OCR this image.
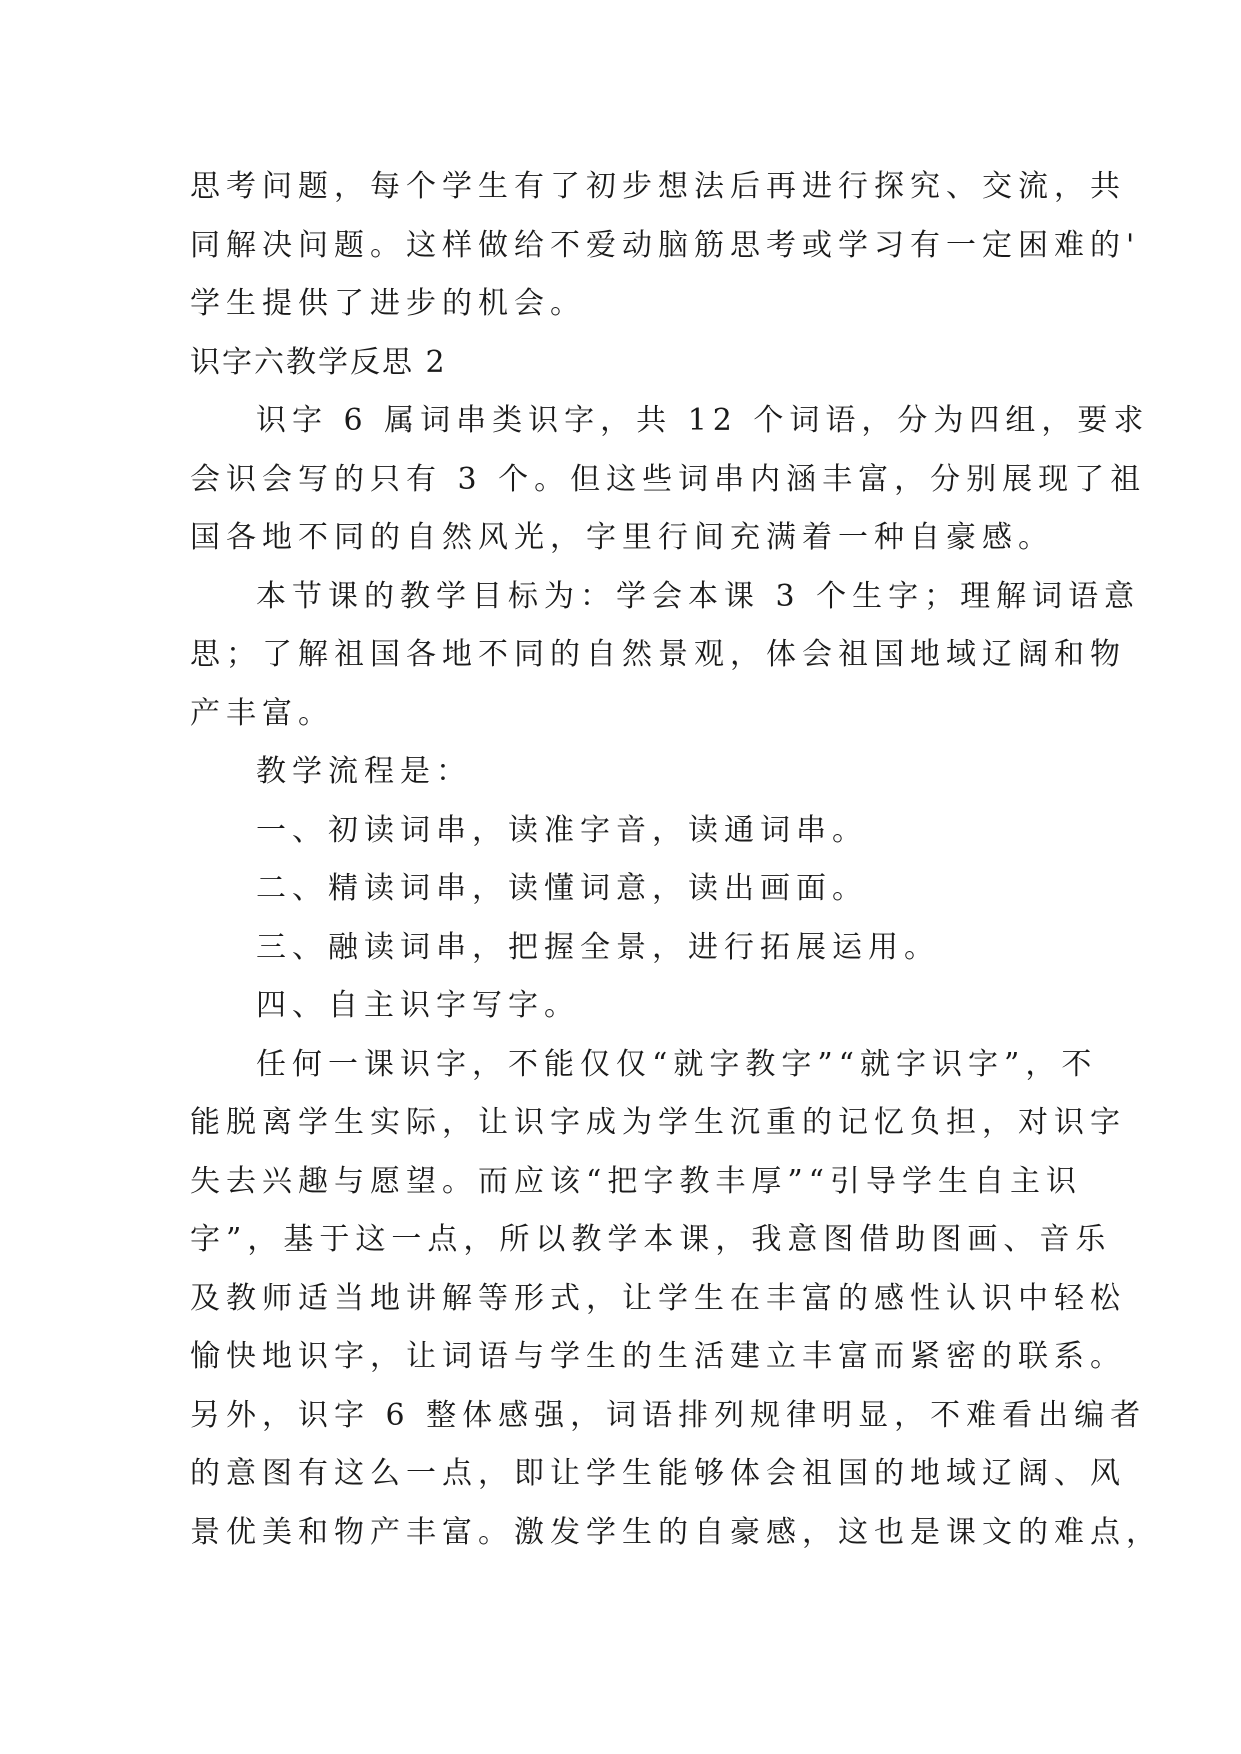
思考问题，每个学生有了初步想法后再进行探究、交流，共
同解决问题。这样做给不爱动脑筋思考或学习有一定困难的'
学生提供了进步的机会。
识字六教学反思 2
识字 6 属词串类识字，共 12 个词语，分为四组，要求
会识会写的只有 3 个。但这些词串内涵丰富，分别展现了祖
国各地不同的自然风光，字里行间充满着一种自豪感。
本节课的教学目标为：学会本课 3 个生字；理解词语意
思；了解祖国各地不同的自然景观，体会祖国地域辽阔和物
产丰富。
教学流程是：
一、初读词串，读准字音，读通词串。
二、精读词串，读懂词意，读出画面。
三、融读词串，把握全景，进行拓展运用。
四、自主识字写字。
任何一课识字，不能仅仅“就字教字”“就字识字”，不
能脱离学生实际，让识字成为学生沉重的记忆负担，对识字
失去兴趣与愿望。而应该“把字教丰厚”“引导学生自主识
字”，基于这一点，所以教学本课，我意图借助图画、音乐
及教师适当地讲解等形式，让学生在丰富的感性认识中轻松
愉快地识字，让词语与学生的生活建立丰富而紧密的联系。
另外，识字 6 整体感强，词语排列规律明显，不难看出编者
的意图有这么一点，即让学生能够体会祖国的地域辽阔、风
景优美和物产丰富。激发学生的自豪感，这也是课文的难点，
